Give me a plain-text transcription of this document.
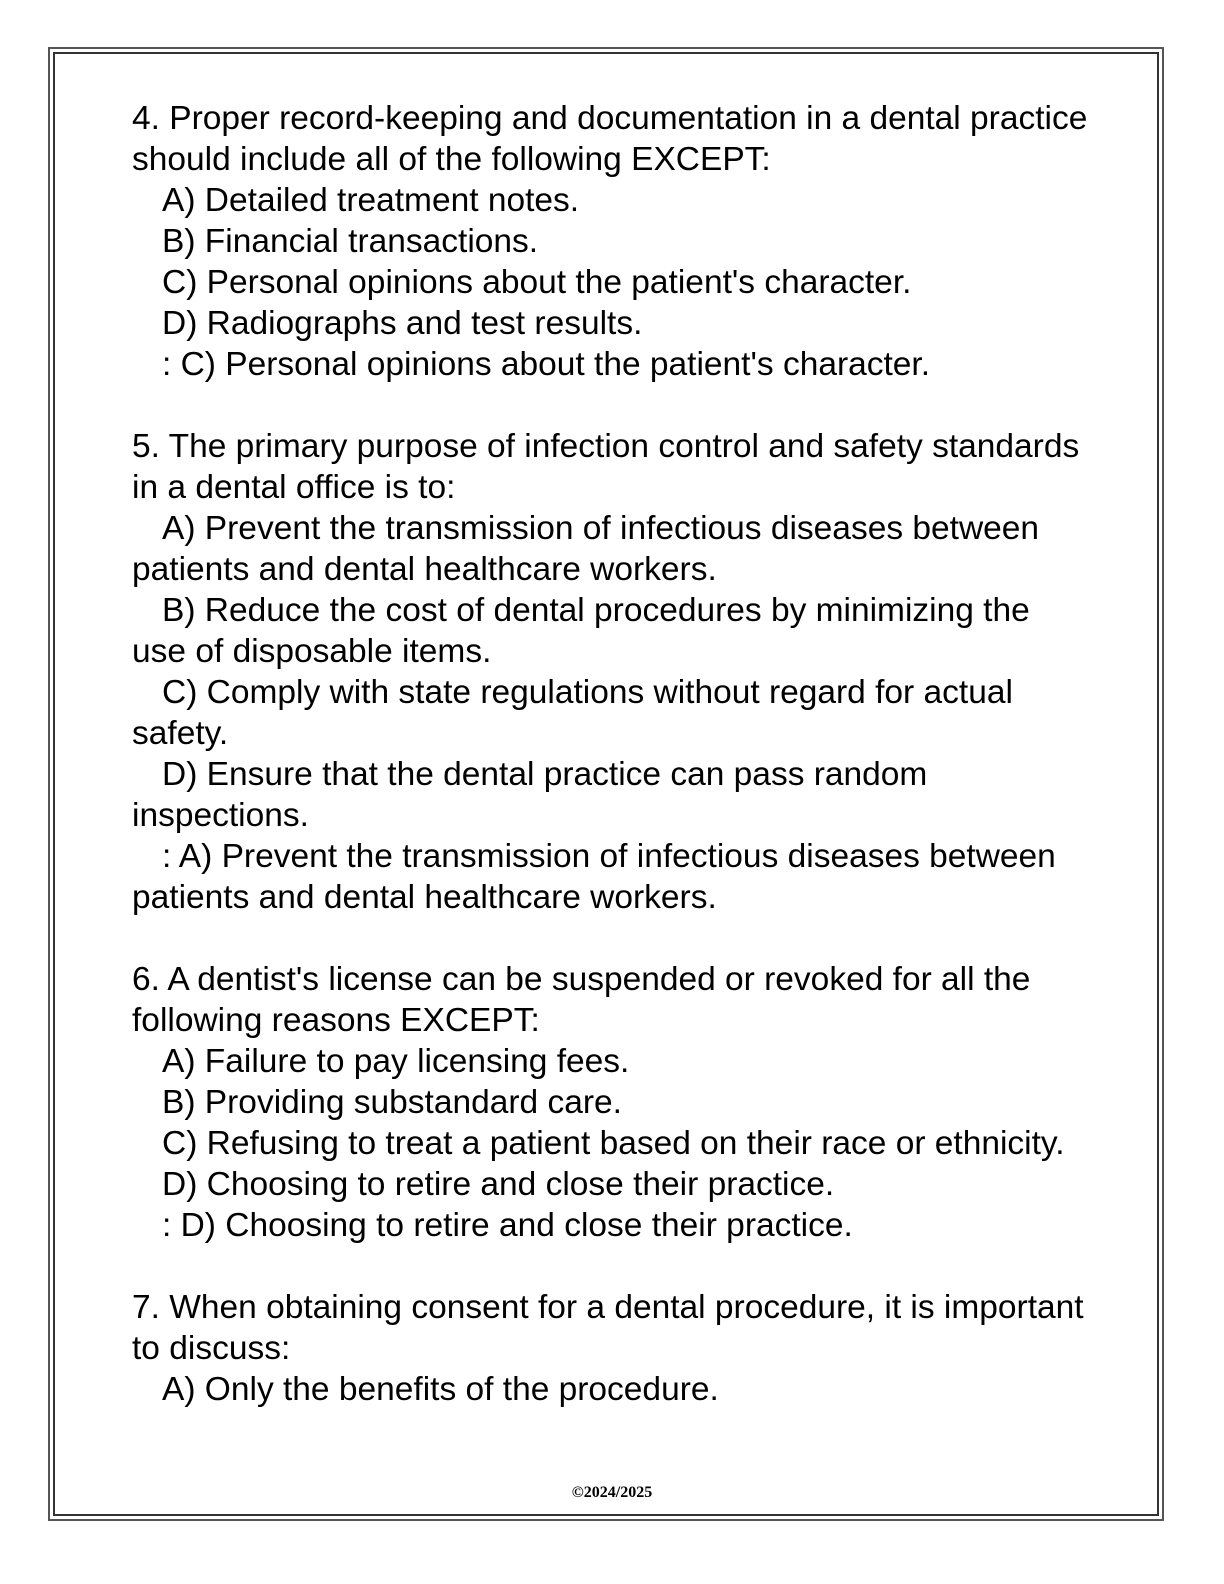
4. Proper record-keeping and documentation in a dental practice should include all of the following EXCEPT:
A) Detailed treatment notes.
B) Financial transactions.
C) Personal opinions about the patient's character.
D) Radiographs and test results.
: C) Personal opinions about the patient's character.
5. The primary purpose of infection control and safety standards in a dental office is to:
A) Prevent the transmission of infectious diseases between patients and dental healthcare workers.
B) Reduce the cost of dental procedures by minimizing the use of disposable items.
C) Comply with state regulations without regard for actual safety.
D) Ensure that the dental practice can pass random inspections.
: A) Prevent the transmission of infectious diseases between patients and dental healthcare workers.
6. A dentist's license can be suspended or revoked for all the following reasons EXCEPT:
A) Failure to pay licensing fees.
B) Providing substandard care.
C) Refusing to treat a patient based on their race or ethnicity.
D) Choosing to retire and close their practice.
: D) Choosing to retire and close their practice.
7. When obtaining consent for a dental procedure, it is important to discuss:
A) Only the benefits of the procedure.
©2024/2025
